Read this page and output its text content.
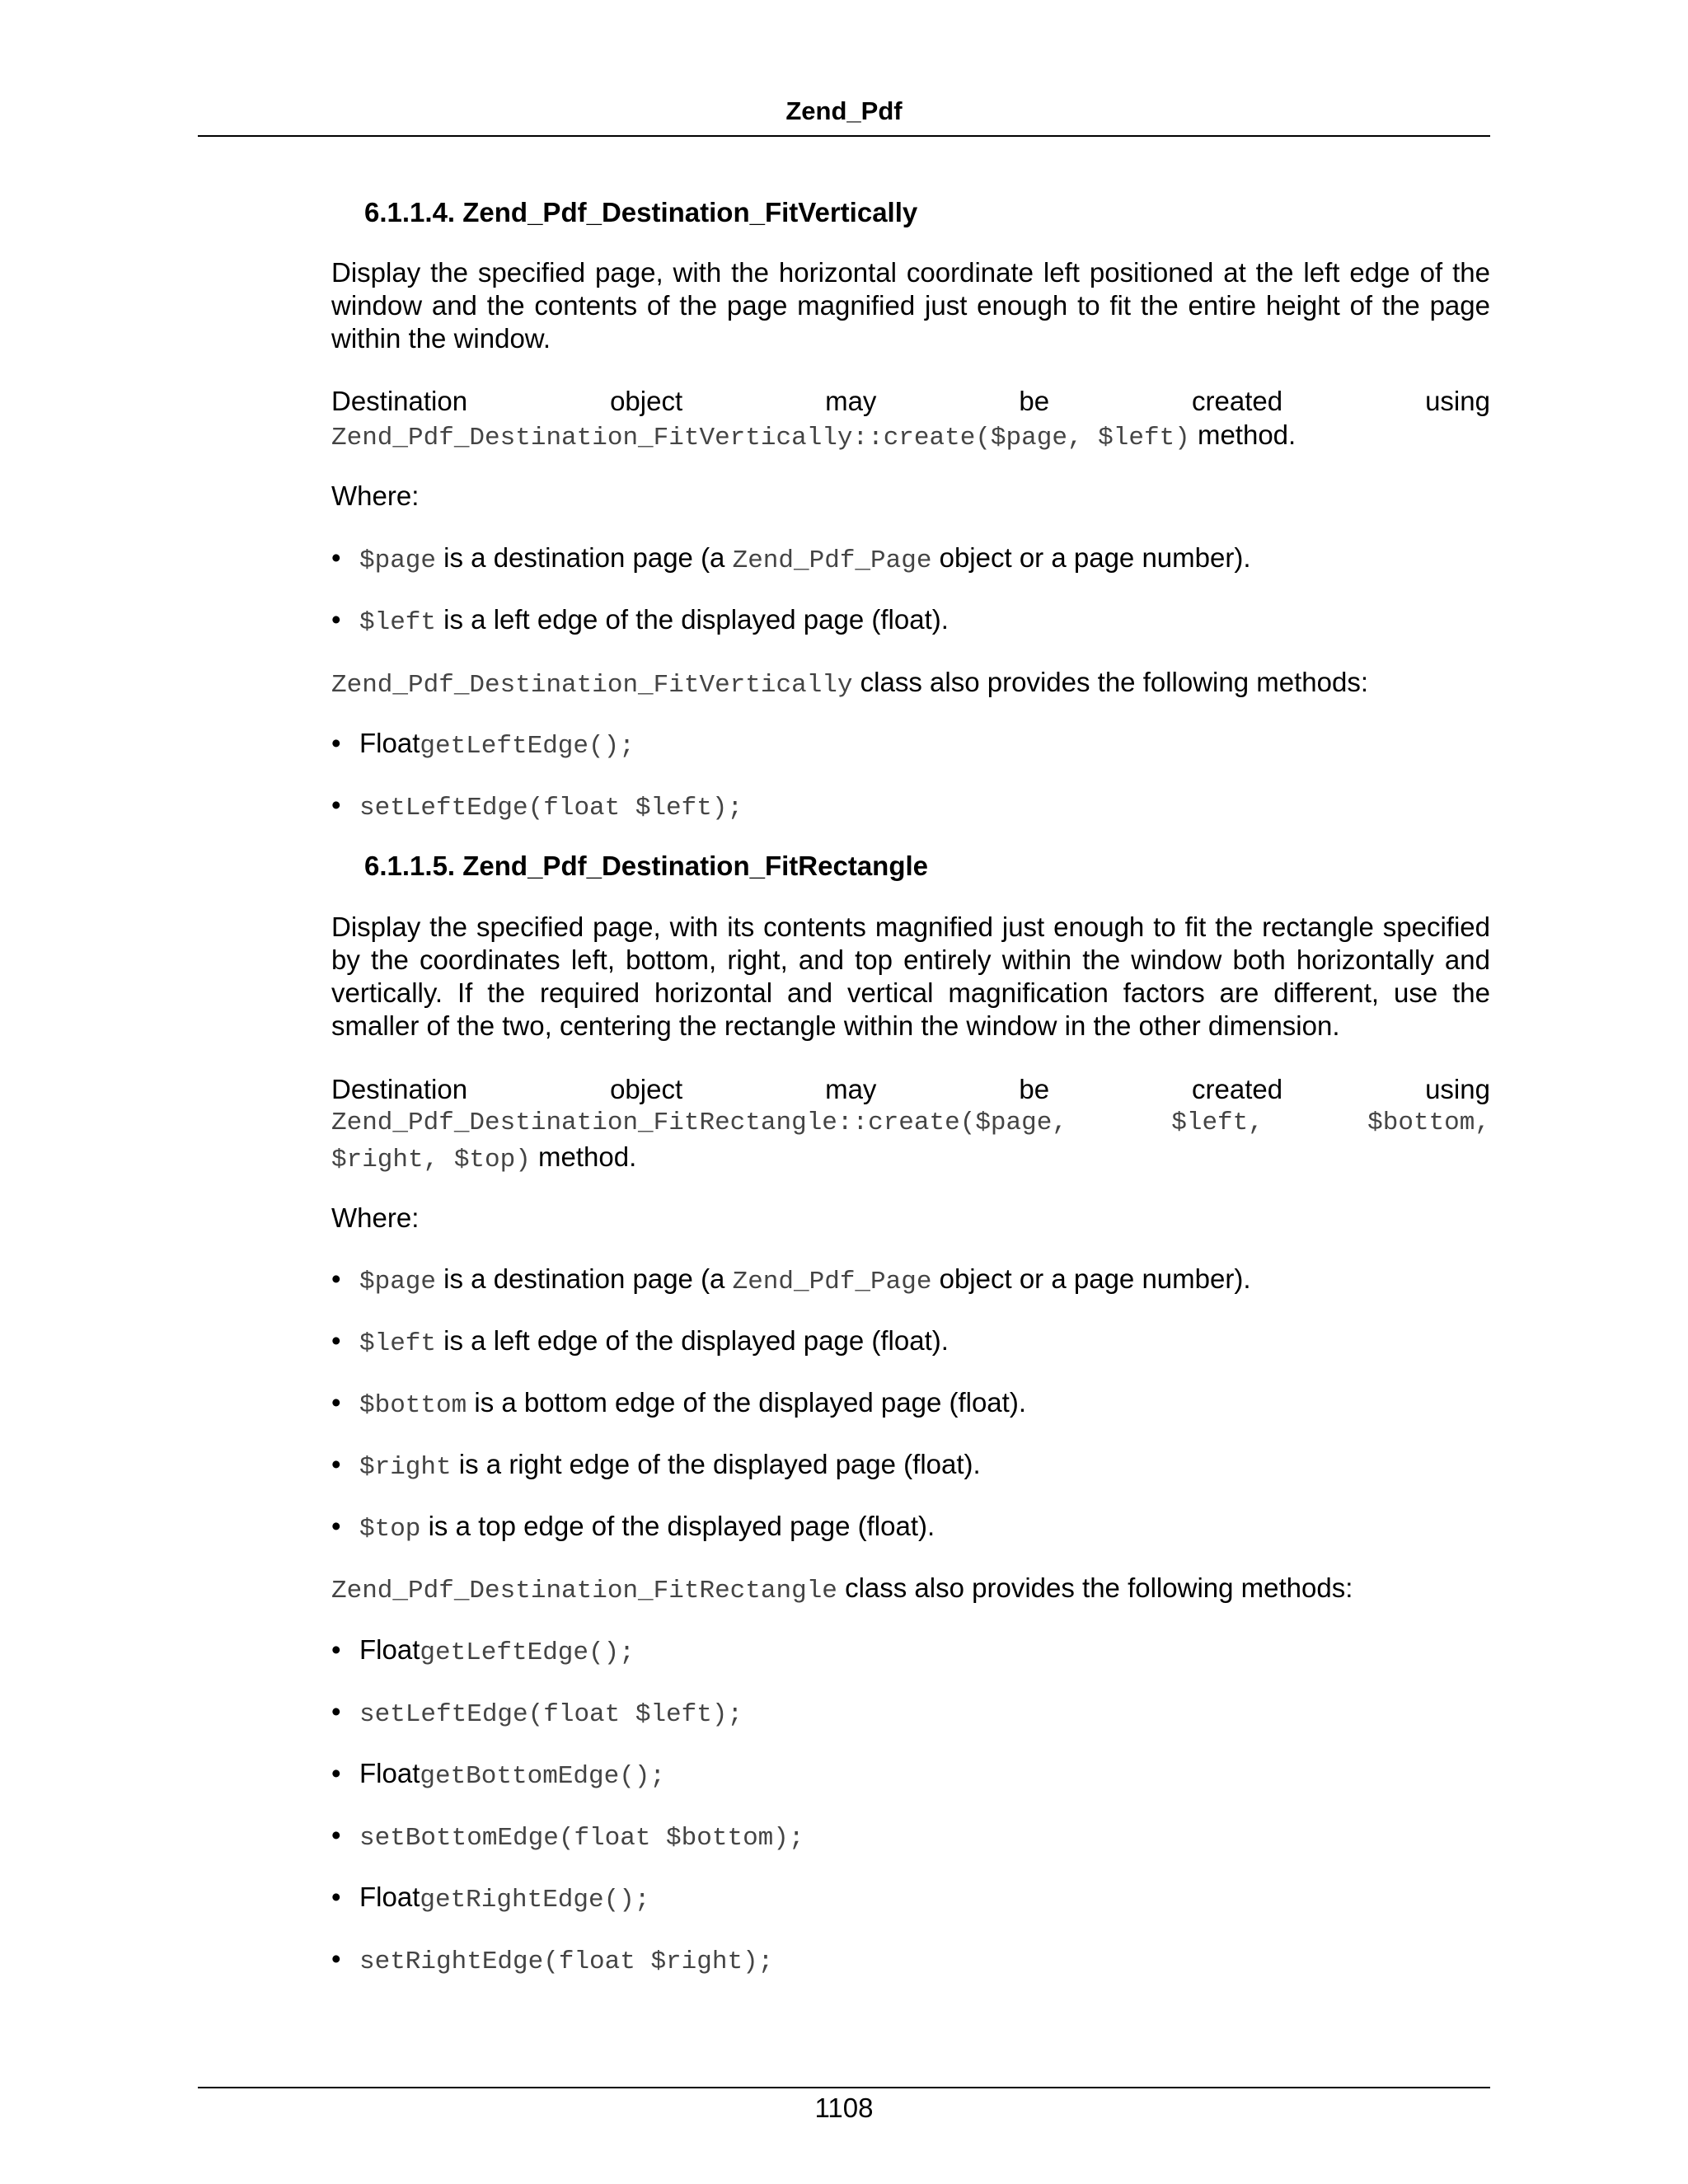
Zend_Pdf
6.1.1.4. Zend_Pdf_Destination_FitVertically
Display the specified page, with the horizontal coordinate left positioned at the left edge of the window and the contents of the page magnified just enough to fit the entire height of the page within the window.
Destination	object	may	be	created	using
Zend_Pdf_Destination_FitVertically::create($page, $left) method.
Where:
• $page is a destination page (a Zend_Pdf_Page object or a page number).
• $left is a left edge of the displayed page (float).
Zend_Pdf_Destination_FitVertically class also provides the following methods:
• FloatgetLeftEdge();
• setLeftEdge(float $left);
6.1.1.5. Zend_Pdf_Destination_FitRectangle
Display the specified page, with its contents magnified just enough to fit the rectangle specified by the coordinates left, bottom, right, and top entirely within the window both horizontally and vertically. If the required horizontal and vertical magnification factors are different, use the smaller of the two, centering the rectangle within the window in the other dimension.
Destination	object	may	be	created	using
Zend_Pdf_Destination_FitRectangle::create($page,	$left,	$bottom,
$right, $top) method.
Where:
• $page is a destination page (a Zend_Pdf_Page object or a page number).
• $left is a left edge of the displayed page (float).
• $bottom is a bottom edge of the displayed page (float).
• $right is a right edge of the displayed page (float).
• $top is a top edge of the displayed page (float).
Zend_Pdf_Destination_FitRectangle class also provides the following methods:
• FloatgetLeftEdge();
• setLeftEdge(float $left);
• FloatgetBottomEdge();
• setBottomEdge(float $bottom);
• FloatgetRightEdge();
• setRightEdge(float $right);
1108
